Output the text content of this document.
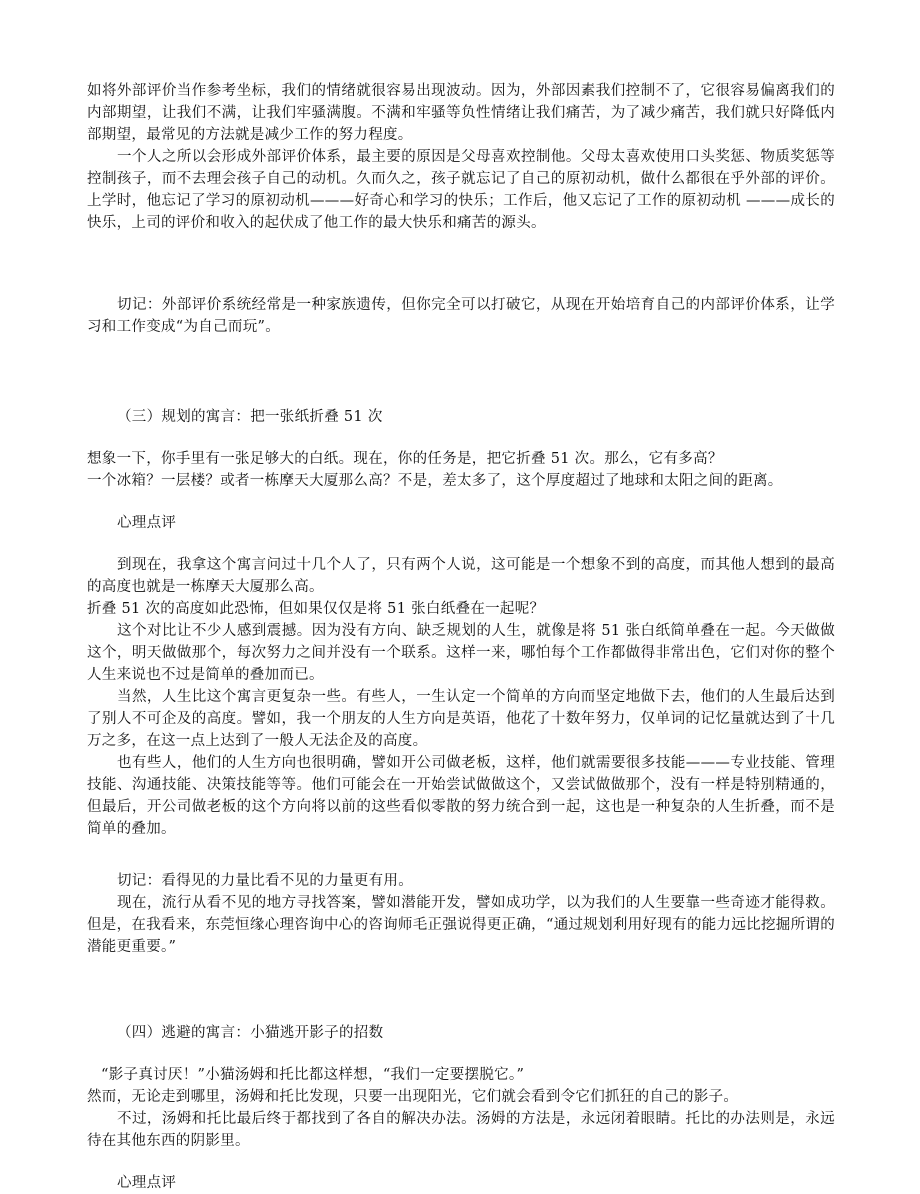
如将外部评价当作参考坐标，我们的情绪就很容易出现波动。因为，外部因素我们控制不了，它很容易偏离我们的内部期望，让我们不满，让我们牢骚满腹。不满和牢骚等负性情绪让我们痛苦，为了减少痛苦，我们就只好降低内部期望，最常见的方法就是减少工作的努力程度。

一个人之所以会形成外部评价体系，最主要的原因是父母喜欢控制他。父母太喜欢使用口头奖惩、物质奖惩等控制孩子，而不去理会孩子自己的动机。久而久之，孩子就忘记了自己的原初动机，做什么都很在乎外部的评价。上学时，他忘记了学习的原初动机———好奇心和学习的快乐；工作后，他又忘记了工作的原初动机 ———成长的快乐，上司的评价和收入的起伏成了他工作的最大快乐和痛苦的源头。

切记：外部评价系统经常是一种家族遗传，但你完全可以打破它，从现在开始培育自己的内部评价体系，让学习和工作变成“为自己而玩”。

（三）规划的寓言：把一张纸折叠 51 次

想象一下，你手里有一张足够大的白纸。现在，你的任务是，把它折叠 51 次。那么，它有多高？

一个冰箱？一层楼？或者一栋摩天大厦那么高？不是，差太多了，这个厚度超过了地球和太阳之间的距离。

心理点评

到现在，我拿这个寓言问过十几个人了，只有两个人说，这可能是一个想象不到的高度，而其他人想到的最高的高度也就是一栋摩天大厦那么高。

折叠 51 次的高度如此恐怖，但如果仅仅是将 51 张白纸叠在一起呢？

这个对比让不少人感到震撼。因为没有方向、缺乏规划的人生，就像是将 51 张白纸简单叠在一起。今天做做这个，明天做做那个，每次努力之间并没有一个联系。这样一来，哪怕每个工作都做得非常出色，它们对你的整个人生来说也不过是简单的叠加而已。

当然，人生比这个寓言更复杂一些。有些人，一生认定一个简单的方向而坚定地做下去，他们的人生最后达到了别人不可企及的高度。譬如，我一个朋友的人生方向是英语，他花了十数年努力，仅单词的记忆量就达到了十几万之多，在这一点上达到了一般人无法企及的高度。

也有些人，他们的人生方向也很明确，譬如开公司做老板，这样，他们就需要很多技能———专业技能、管理技能、沟通技能、决策技能等等。他们可能会在一开始尝试做做这个，又尝试做做那个，没有一样是特别精通的，但最后，开公司做老板的这个方向将以前的这些看似零散的努力统合到一起，这也是一种复杂的人生折叠，而不是简单的叠加。

切记：看得见的力量比看不见的力量更有用。

现在，流行从看不见的地方寻找答案，譬如潜能开发，譬如成功学，以为我们的人生要靠一些奇迹才能得救。但是，在我看来，东莞恒缘心理咨询中心的咨询师毛正强说得更正确，“通过规划利用好现有的能力远比挖掘所谓的潜能更重要。”

（四）逃避的寓言：小猫逃开影子的招数

“影子真讨厌！”小猫汤姆和托比都这样想，“我们一定要摆脱它。”

然而，无论走到哪里，汤姆和托比发现，只要一出现阳光，它们就会看到令它们抓狂的自己的影子。

不过，汤姆和托比最后终于都找到了各自的解决办法。汤姆的方法是，永远闭着眼睛。托比的办法则是，永远待在其他东西的阴影里。

心理点评
